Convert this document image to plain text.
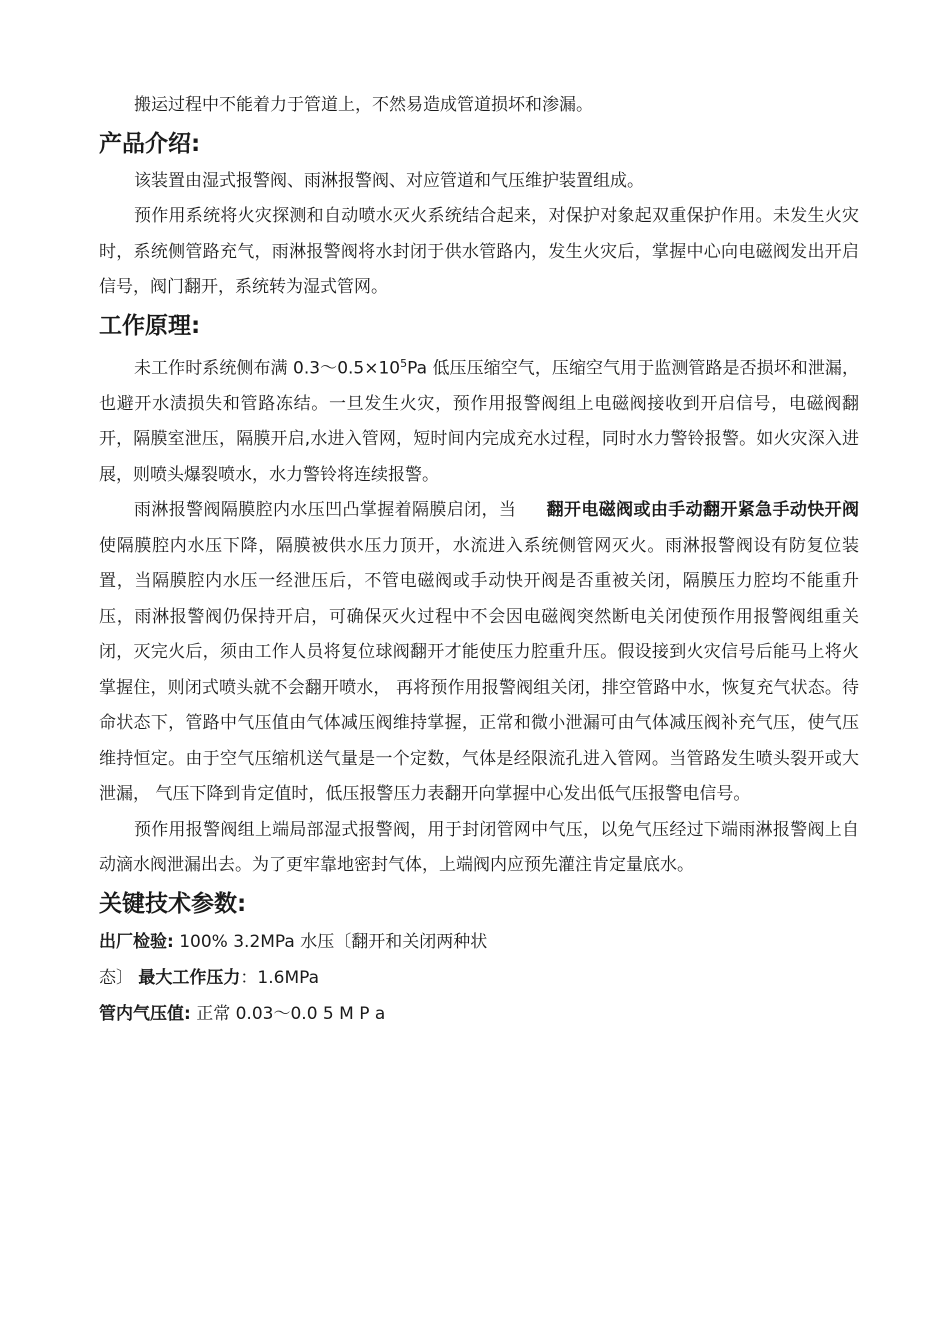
搬运过程中不能着力于管道上，不然易造成管道损坏和渗漏。

产品介绍:

该装置由湿式报警阀、雨淋报警阀、对应管道和气压维护装置组成。

预作用系统将火灾探测和自动喷水灭火系统结合起来，对保护对象起双重保护作用。未发生火灾时，系统侧管路充气，雨淋报警阀将水封闭于供水管路内，发生火灾后，掌握中心向电磁阀发出开启信号，阀门翻开，系统转为湿式管网。

工作原理:

未工作时系统侧布满 $0.3\sim 0.5\times 10^5Pa$ 低压压缩空气，压缩空气用于监测管路是否损坏和泄漏，也避开水渍损失和管路冻结。一旦发生火灾，预作用报警阀组上电磁阀接收到开启信号，电磁阀翻开，隔膜室泄压，隔膜开启,水进入管网，短时间内完成充水过程，同时水力警铃报警。如火灾深入进展，则喷头爆裂喷水，水力警铃将连续报警。

雨淋报警阀隔膜腔内水压凹凸掌握着隔膜启闭，当 翻开电磁阀或由手动翻开紧急手动快开阀使隔膜腔内水压下降，隔膜被供水压力顶开，水流进入系统侧管网灭火。雨淋报警阀设有防复位装置，当隔膜腔内水压一经泄压后，不管电磁阀或手动快开阀是否重被关闭，隔膜压力腔均不能重升压，雨淋报警阀仍保持开启，可确保灭火过程中不会因电磁阀突然断电关闭使预作用报警阀组重关闭，灭完火后，须由工作人员将复位球阀翻开才能使压力腔重升压。假设接到火灾信号后能马上将火掌握住，则闭式喷头就不会翻开喷水， 再将预作用报警阀组关闭，排空管路中水，恢复充气状态。待命状态下，管路中气压值由气体减压阀维持掌握，正常和微小泄漏可由气体减压阀补充气压，使气压维持恒定。由于空气压缩机送气量是一个定数，气体是经限流孔进入管网。当管路发生喷头裂开或大泄漏， 气压下降到肯定值时，低压报警压力表翻开向掌握中心发出低气压报警电信号。

预作用报警阀组上端局部湿式报警阀，用于封闭管网中气压，以免气压经过下端雨淋报警阀上自动滴水阀泄漏出去。为了更牢靠地密封气体，上端阀内应预先灌注肯定量底水。

关键技术参数:

出厂检验: 100% 3.2MPa 水压〔翻开和关闭两种状

态〕 最大工作压力：1.6MPa

管内气压值: 正常 0.03～0.0 5 M P a
